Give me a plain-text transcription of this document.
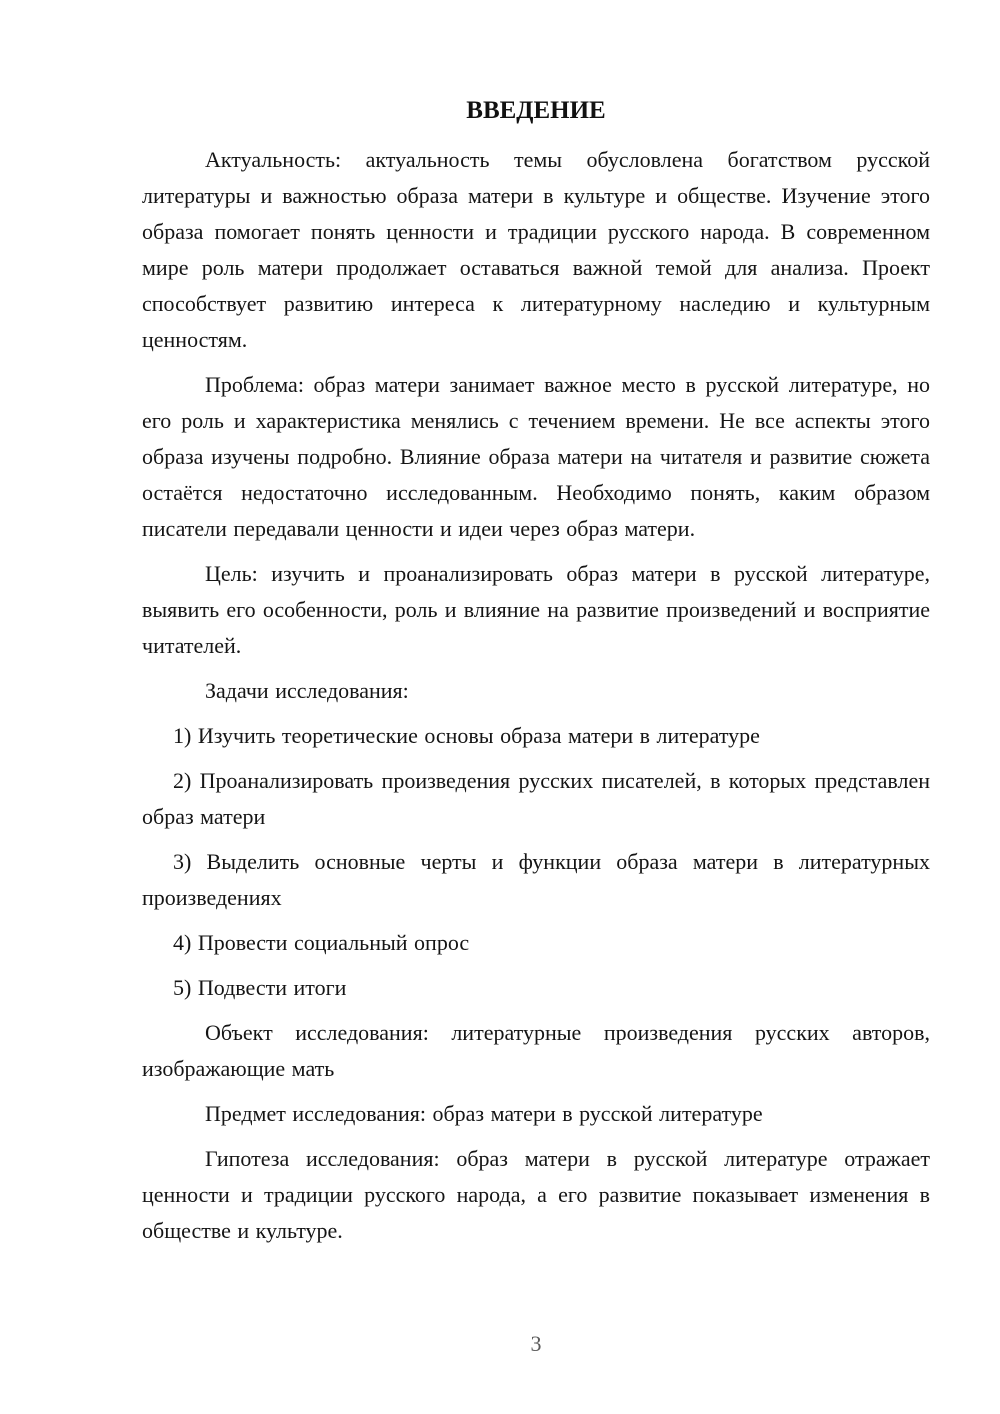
ВВЕДЕНИЕ

Актуальность: актуальность темы обусловлена богатством русской литературы и важностью образа матери в культуре и обществе. Изучение этого образа помогает понять ценности и традиции русского народа. В современном мире роль матери продолжает оставаться важной темой для анализа. Проект способствует развитию интереса к литературному наследию и культурным ценностям.

Проблема: образ матери занимает важное место в русской литературе, но его роль и характеристика менялись с течением времени. Не все аспекты этого образа изучены подробно. Влияние образа матери на читателя и развитие сюжета остаётся недостаточно исследованным. Необходимо понять, каким образом писатели передавали ценности и идеи через образ матери.

Цель: изучить и проанализировать образ матери в русской литературе, выявить его особенности, роль и влияние на развитие произведений и восприятие читателей.

Задачи исследования:

1) Изучить теоретические основы образа матери в литературе

2) Проанализировать произведения русских писателей, в которых представлен образ матери

3) Выделить основные черты и функции образа матери в литературных произведениях

4) Провести социальный опрос

5) Подвести итоги

Объект исследования: литературные произведения русских авторов, изображающие мать

Предмет исследования: образ матери в русской литературе

Гипотеза исследования: образ матери в русской литературе отражает ценности и традиции русского народа, а его развитие показывает изменения в обществе и культуре.

3
